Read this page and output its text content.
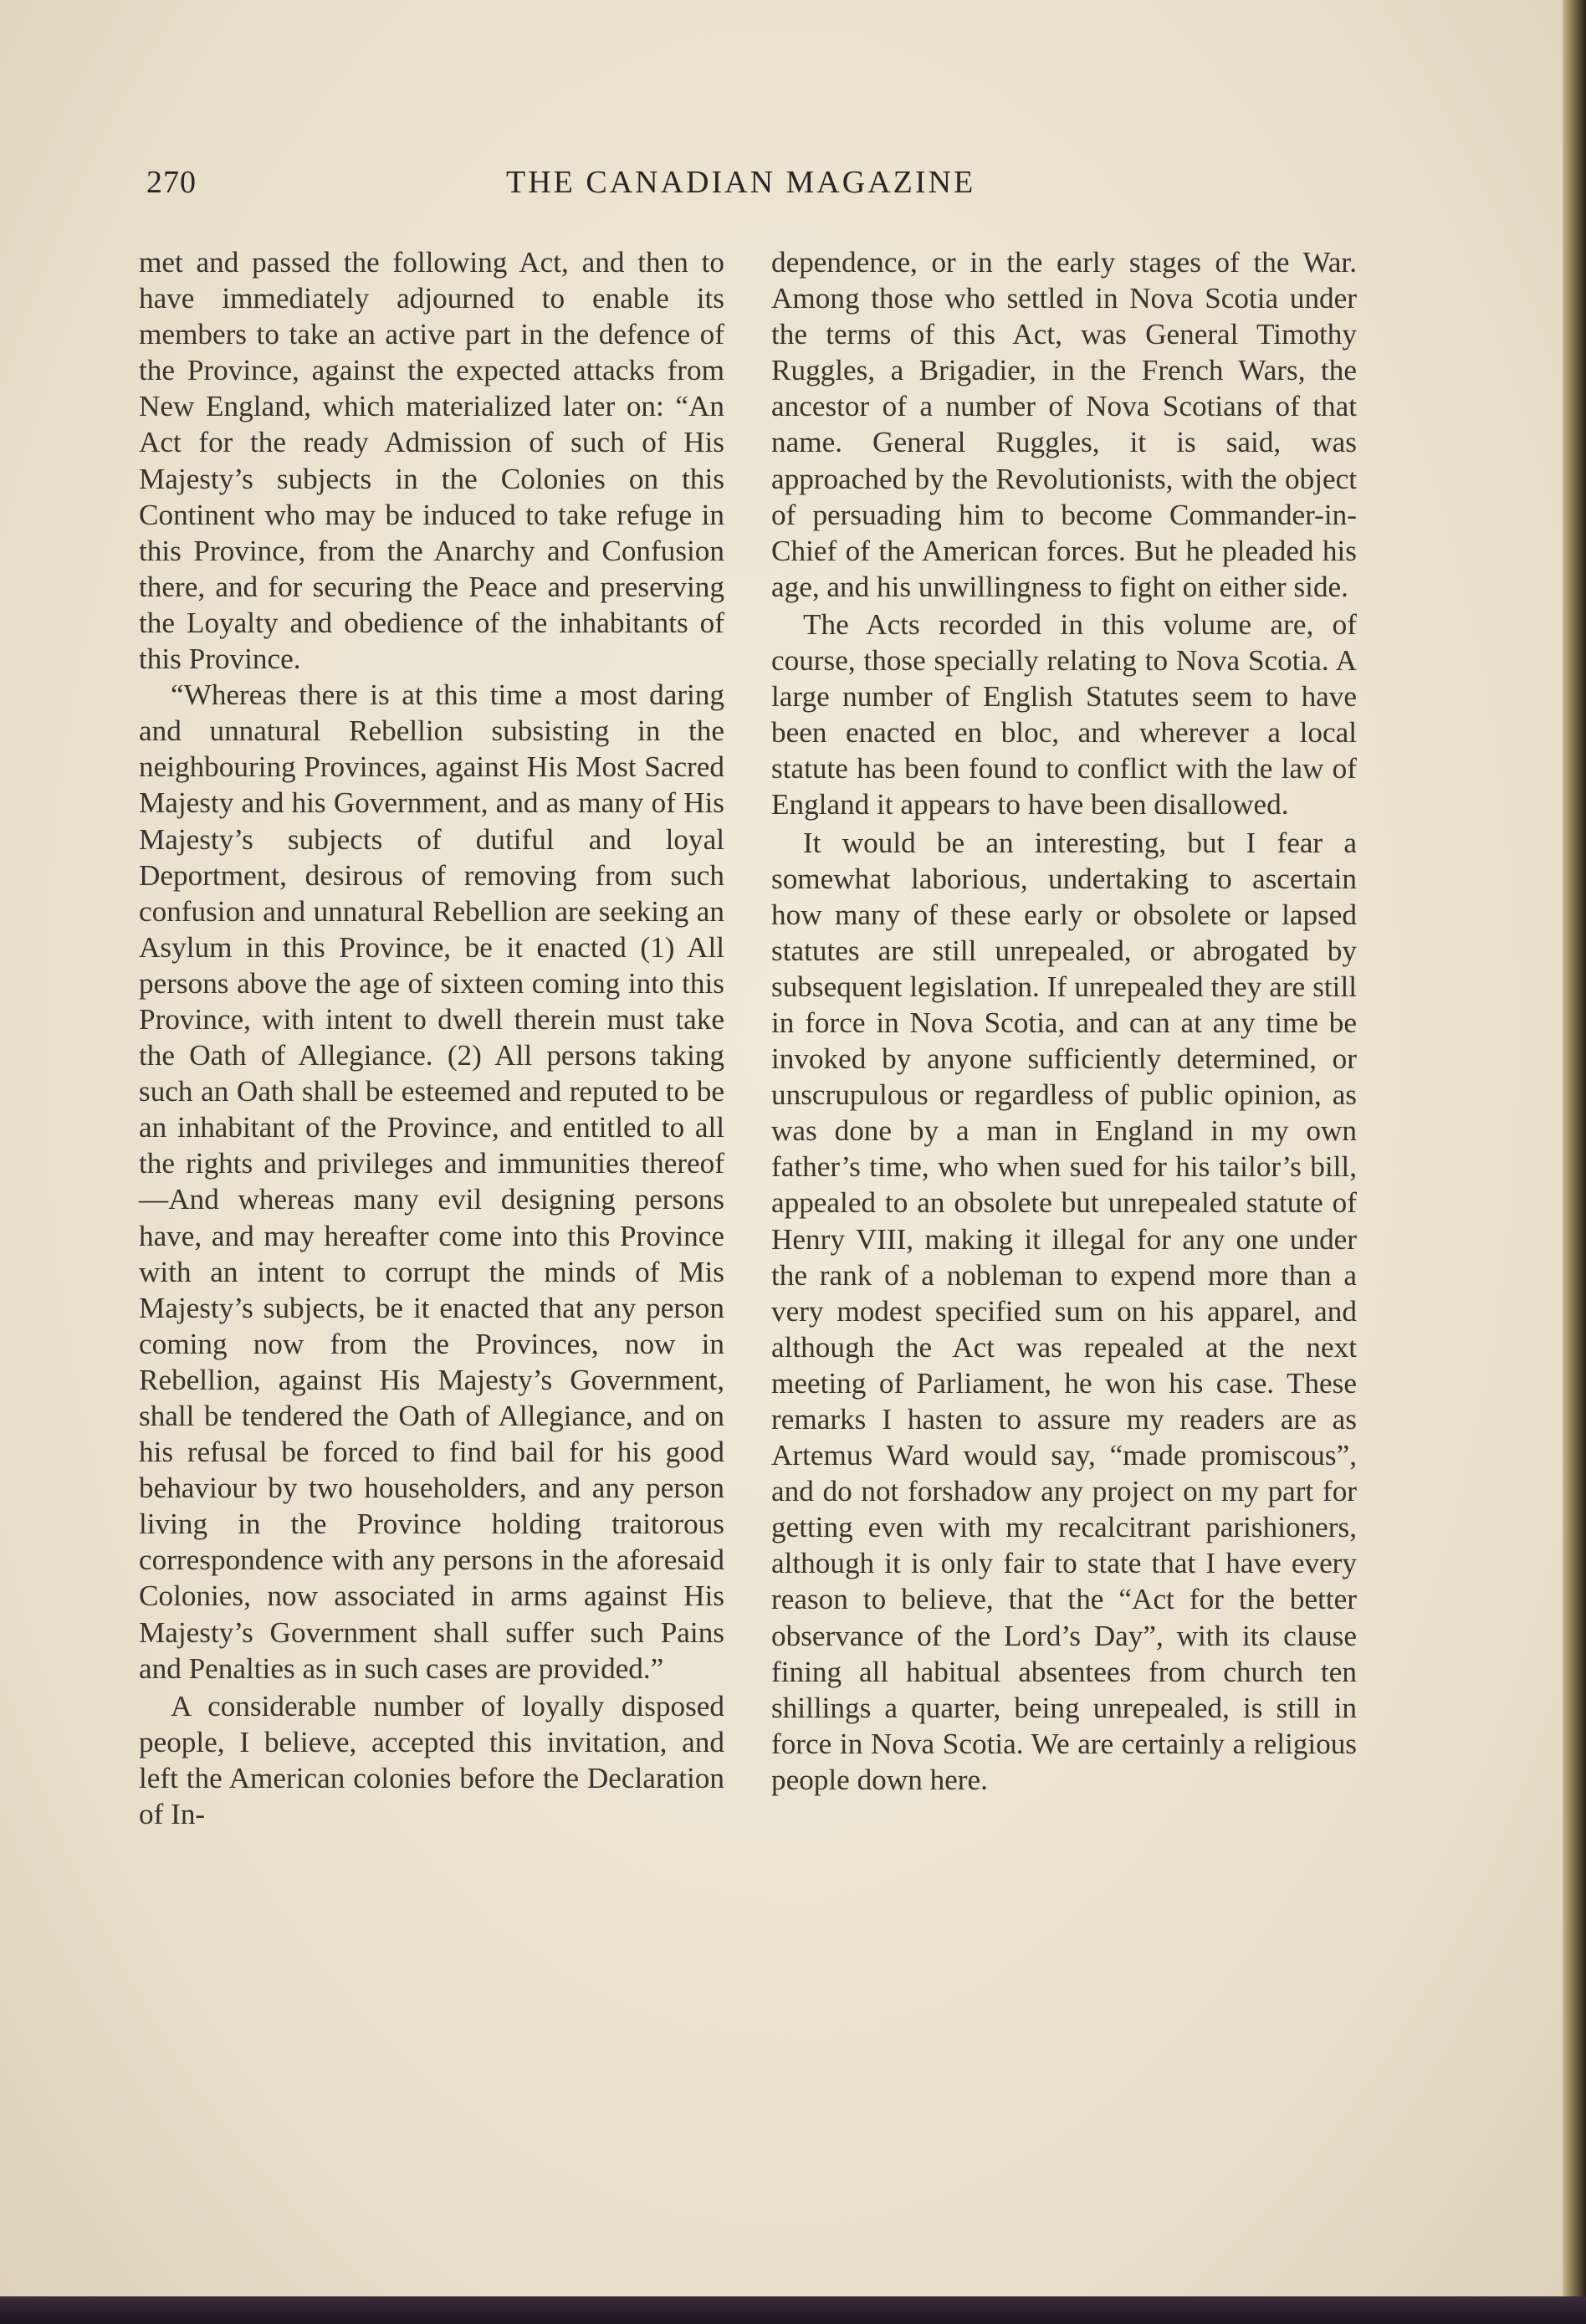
270	THE CANADIAN MAGAZINE

met and passed the following Act, and then to have immediately adjourned to enable its members to take an active part in the defence of the Province, against the expected attacks from New England, which materialized later on: “An Act for the ready Admission of such of His Majesty’s subjects in the Colonies on this Continent who may be induced to take refuge in this Province, from the Anarchy and Confusion there, and for securing the Peace and preserving the Loyalty and obedience of the inhabitants of this Province.

“Whereas there is at this time a most daring and unnatural Rebellion subsisting in the neighbouring Provinces, against His Most Sacred Majesty and his Government, and as many of His Majesty’s subjects of dutiful and loyal Deportment, desirous of removing from such confusion and unnatural Rebellion are seeking an Asylum in this Province, be it enacted (1) All persons above the age of sixteen coming into this Province, with intent to dwell therein must take the Oath of Allegiance. (2) All persons taking such an Oath shall be esteemed and reputed to be an inhabitant of the Province, and entitled to all the rights and privileges and immunities thereof—And whereas many evil designing persons have, and may hereafter come into this Province with an intent to corrupt the minds of Mis Majesty’s subjects, be it enacted that any person coming now from the Provinces, now in Rebellion, against His Majesty’s Government, shall be tendered the Oath of Allegiance, and on his refusal be forced to find bail for his good behaviour by two householders, and any person living in the Province holding traitorous correspondence with any persons in the aforesaid Colonies, now associated in arms against His Majesty’s Government shall suffer such Pains and Penalties as in such cases are provided.”

A considerable number of loyally disposed people, I believe, accepted this invitation, and left the American colonies before the Declaration of In-

dependence, or in the early stages of the War. Among those who settled in Nova Scotia under the terms of this Act, was General Timothy Ruggles, a Brigadier, in the French Wars, the ancestor of a number of Nova Scotians of that name. General Ruggles, it is said, was approached by the Revolutionists, with the object of persuading him to become Commander-in-Chief of the American forces. But he pleaded his age, and his unwillingness to fight on either side.

The Acts recorded in this volume are, of course, those specially relating to Nova Scotia. A large number of English Statutes seem to have been enacted en bloc, and wherever a local statute has been found to conflict with the law of England it appears to have been disallowed.

It would be an interesting, but I fear a somewhat laborious, undertaking to ascertain how many of these early or obsolete or lapsed statutes are still unrepealed, or abrogated by subsequent legislation. If unrepealed they are still in force in Nova Scotia, and can at any time be invoked by anyone sufficiently determined, or unscrupulous or regardless of public opinion, as was done by a man in England in my own father’s time, who when sued for his tailor’s bill, appealed to an obsolete but unrepealed statute of Henry VIII, making it illegal for any one under the rank of a nobleman to expend more than a very modest specified sum on his apparel, and although the Act was repealed at the next meeting of Parliament, he won his case. These remarks I hasten to assure my readers are as Artemus Ward would say, “made promiscous”, and do not forshadow any project on my part for getting even with my recalcitrant parishioners, although it is only fair to state that I have every reason to believe, that the “Act for the better observance of the Lord’s Day”, with its clause fining all habitual absentees from church ten shillings a quarter, being unrepealed, is still in force in Nova Scotia. We are certainly a religious people down here.
